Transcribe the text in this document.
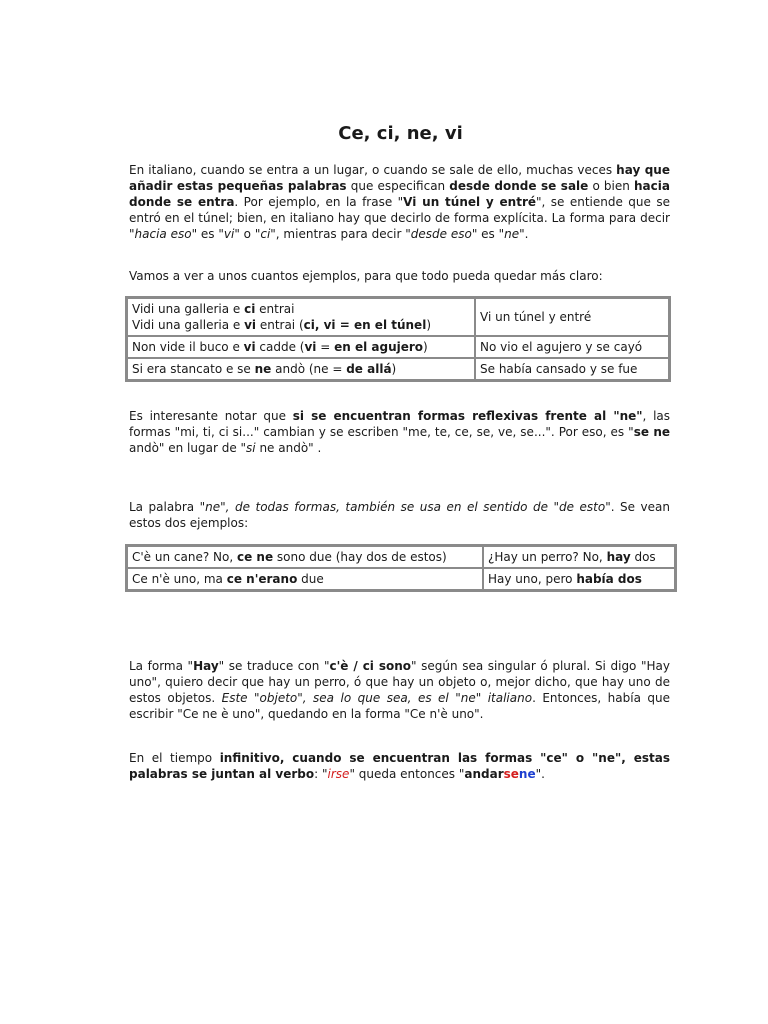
Ce, ci, ne, vi

En italiano, cuando se entra a un lugar, o cuando se sale de ello, muchas veces hay que añadir estas pequeñas palabras que especifican desde donde se sale o bien hacia donde se entra. Por ejemplo, en la frase "Vi un túnel y entré", se entiende que se entró en el túnel; bien, en italiano hay que decirlo de forma explícita. La forma para decir "hacia eso" es "vi" o "ci", mientras para decir "desde eso" es "ne".

Vamos a ver a unos cuantos ejemplos, para que todo pueda quedar más claro:

Vidi una galleria e ci entrai
Vidi una galleria e vi entrai (ci, vi = en el túnel)	Vi un túnel y entré
Non vide il buco e vi cadde (vi = en el agujero)	No vio el agujero y se cayó
Si era stancato e se ne andò (ne = de allá)	Se había cansado y se fue

Es interesante notar que si se encuentran formas reflexivas frente al "ne", las formas "mi, ti, ci si..." cambian y se escriben "me, te, ce, se, ve, se...". Por eso, es "se ne andò" en lugar de "si ne andò" .

La palabra "ne", de todas formas, también se usa en el sentido de "de esto". Se vean estos dos ejemplos:

C'è un cane? No, ce ne sono due (hay dos de estos)	¿Hay un perro? No, hay dos
Ce n'è uno, ma ce n'erano due	Hay uno, pero había dos

La forma "Hay" se traduce con "c'è / ci sono" según sea singular ó plural. Si digo "Hay uno", quiero decir que hay un perro, ó que hay un objeto o, mejor dicho, que hay uno de estos objetos. Este "objeto", sea lo que sea, es el "ne" italiano. Entonces, había que escribir "Ce ne è uno", quedando en la forma "Ce n'è uno".

En el tiempo infinitivo, cuando se encuentran las formas "ce" o "ne", estas palabras se juntan al verbo: "irse" queda entonces "andarsene".
